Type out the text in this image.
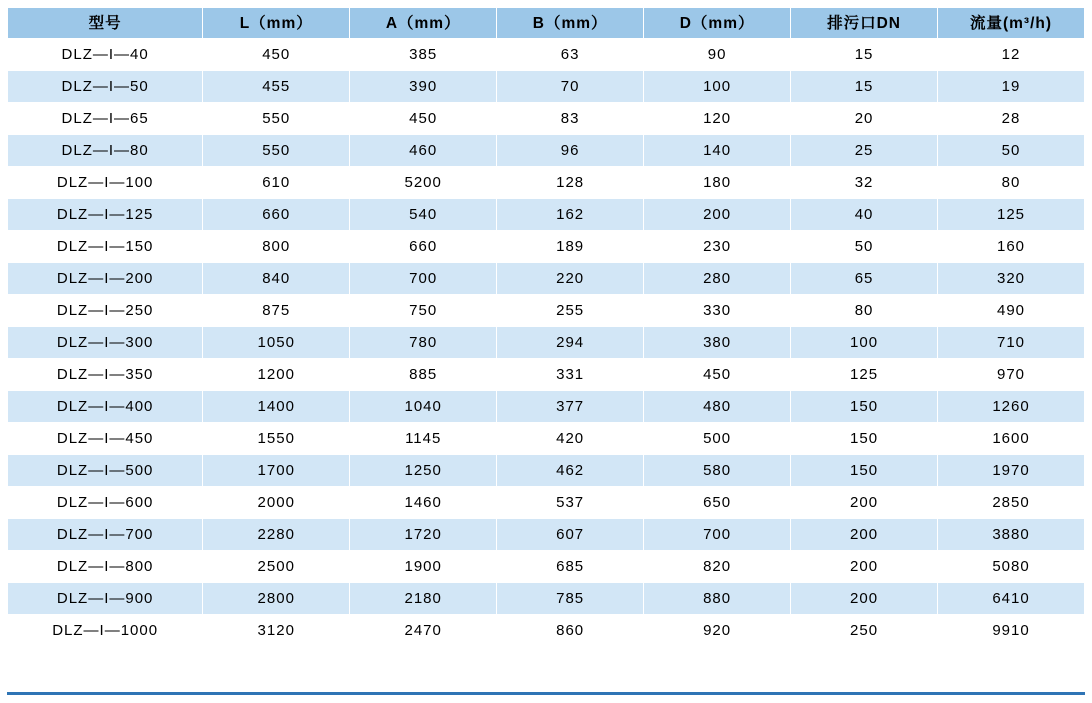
型号	L（mm）	A（mm）	B（mm）	D（mm）	排污口DN	流量(m³/h)
DLZ—I—40	450	385	63	90	15	12
DLZ—I—50	455	390	70	100	15	19
DLZ—I—65	550	450	83	120	20	28
DLZ—I—80	550	460	96	140	25	50
DLZ—I—100	610	5200	128	180	32	80
DLZ—I—125	660	540	162	200	40	125
DLZ—I—150	800	660	189	230	50	160
DLZ—I—200	840	700	220	280	65	320
DLZ—I—250	875	750	255	330	80	490
DLZ—I—300	1050	780	294	380	100	710
DLZ—I—350	1200	885	331	450	125	970
DLZ—I—400	1400	1040	377	480	150	1260
DLZ—I—450	1550	1145	420	500	150	1600
DLZ—I—500	1700	1250	462	580	150	1970
DLZ—I—600	2000	1460	537	650	200	2850
DLZ—I—700	2280	1720	607	700	200	3880
DLZ—I—800	2500	1900	685	820	200	5080
DLZ—I—900	2800	2180	785	880	200	6410
DLZ—I—1000	3120	2470	860	920	250	9910
